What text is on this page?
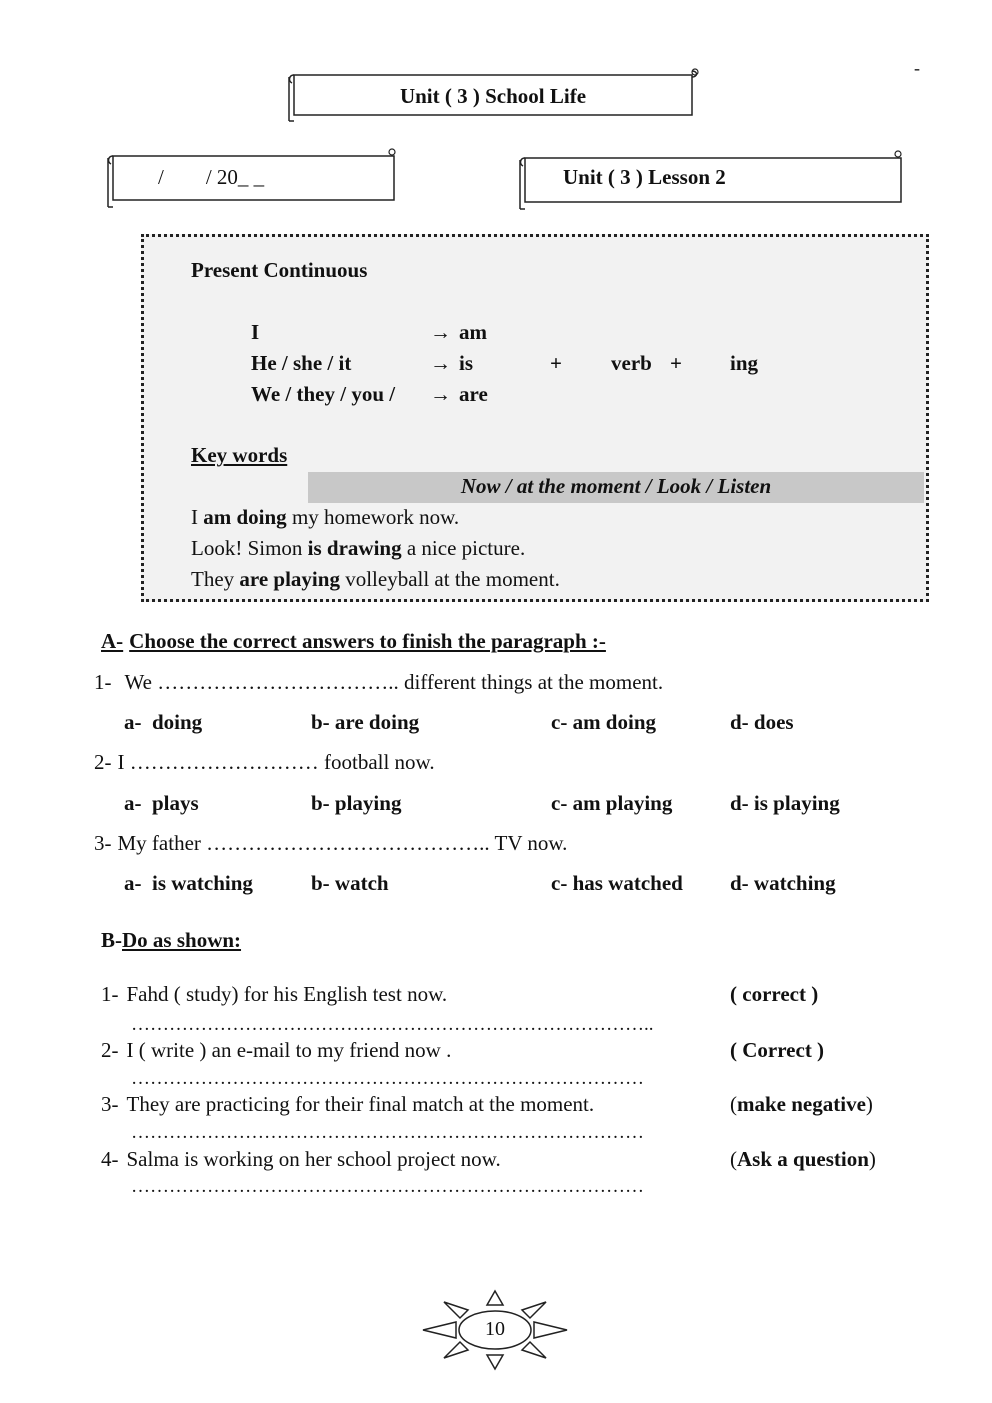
-
Unit ( 3 ) School Life
/        / 20_ _	Unit ( 3 ) Lesson 2
Present Continuous
I	→ am
He / she / it	→ is	+ verb + ing
We / they / you / → are
Key words
Now / at the moment / Look / Listen
I am doing my homework now.
Look! Simon is drawing a nice picture.
They are playing volleyball at the moment.
A- Choose the correct answers to finish the paragraph :-
1- We …………………………….. different things at the moment.
a-  doing	b- are doing	c- am doing	d- does
2- I ……………………… football now.
a-  plays	b- playing	c- am playing	d- is playing
3- My father ………………………………….. TV now.
a-  is watching	b- watch	c- has watched d- watching
B-Do as shown:
1- Fahd ( study) for his English test now.	( correct )
………………………………………………………………………..
2- I ( write ) an e-mail to my friend now .	( Correct )
………………………………………………………………………
3- They are practicing for their final match at the moment.	(make negative)
………………………………………………………………………
4- Salma is working on her school project now.	(Ask a question)
………………………………………………………………………
10
